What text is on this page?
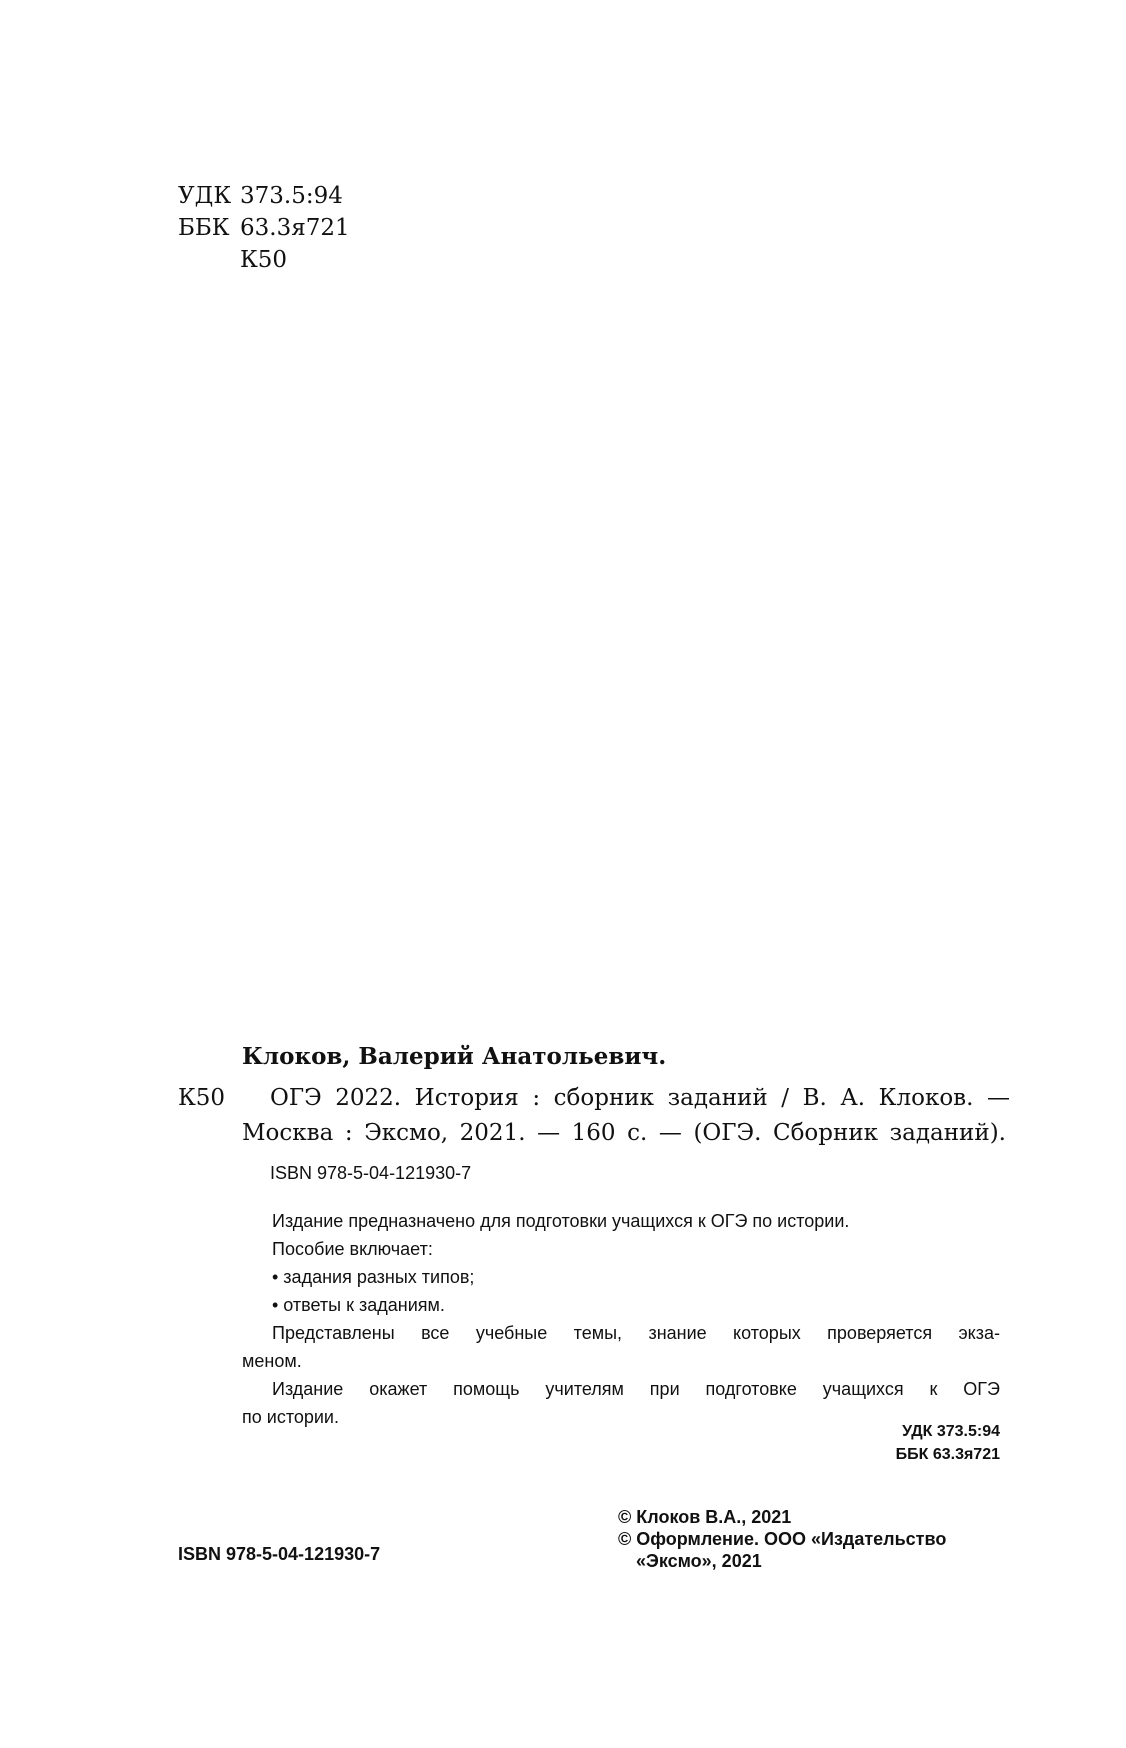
УДК 373.5:94
ББК 63.3я721
К50
Клоков, Валерий Анатольевич.
К50 ОГЭ 2022. История : сборник заданий / В. А. Клоков. —
Москва : Эксмо, 2021. — 160 с. — (ОГЭ. Сборник заданий).
ISBN 978-5-04-121930-7

Издание предназначено для подготовки учащихся к ОГЭ по истории.

Пособие включает:

• задания разных типов;

• ответы к заданиям.

Представлены все учебные темы, знание которых проверяется экза-

меном.

Издание окажет помощь учителям при подготовке учащихся к ОГЭ

по истории.

УДК 373.5:94
ББК 63.3я721
© Клоков В.А., 2021
© Оформление. ООО «Издательство
«Эксмо», 2021
ISBN 978-5-04-121930-7
